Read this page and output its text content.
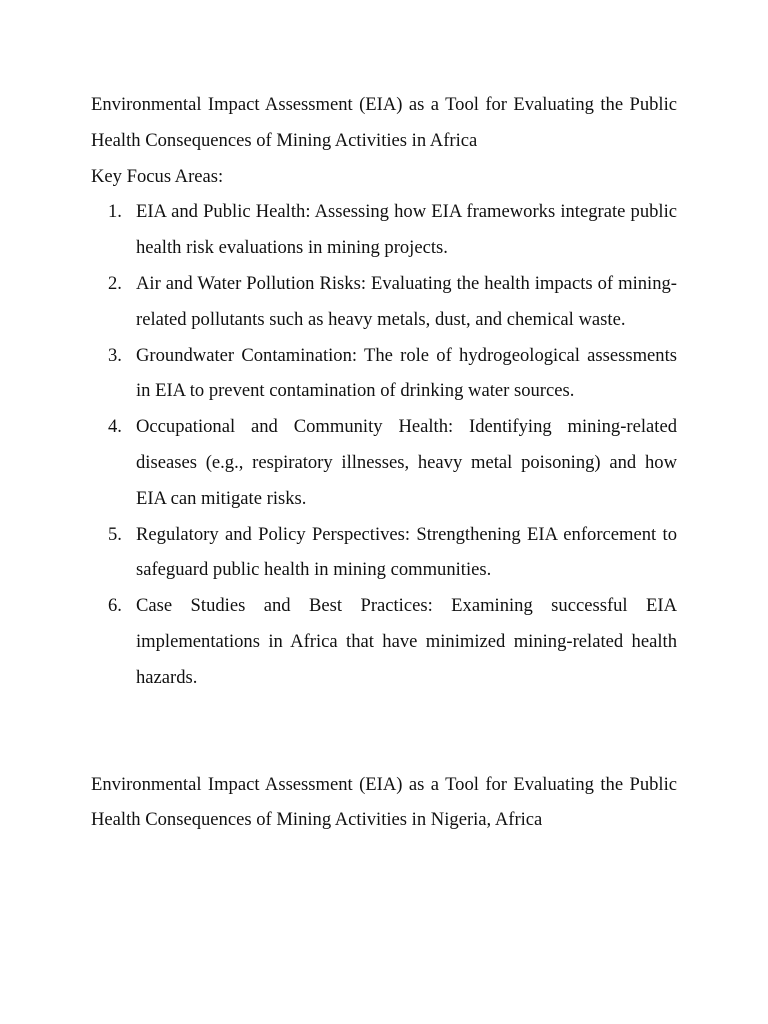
Environmental Impact Assessment (EIA) as a Tool for Evaluating the Public Health Consequences of Mining Activities in Africa

Key Focus Areas:

1. EIA and Public Health: Assessing how EIA frameworks integrate public health risk evaluations in mining projects.
2. Air and Water Pollution Risks: Evaluating the health impacts of mining-related pollutants such as heavy metals, dust, and chemical waste.
3. Groundwater Contamination: The role of hydrogeological assessments in EIA to prevent contamination of drinking water sources.
4. Occupational and Community Health: Identifying mining-related diseases (e.g., respiratory illnesses, heavy metal poisoning) and how EIA can mitigate risks.
5. Regulatory and Policy Perspectives: Strengthening EIA enforcement to safeguard public health in mining communities.
6. Case Studies and Best Practices: Examining successful EIA implementations in Africa that have minimized mining-related health hazards.

Environmental Impact Assessment (EIA) as a Tool for Evaluating the Public Health Consequences of Mining Activities in Nigeria, Africa
